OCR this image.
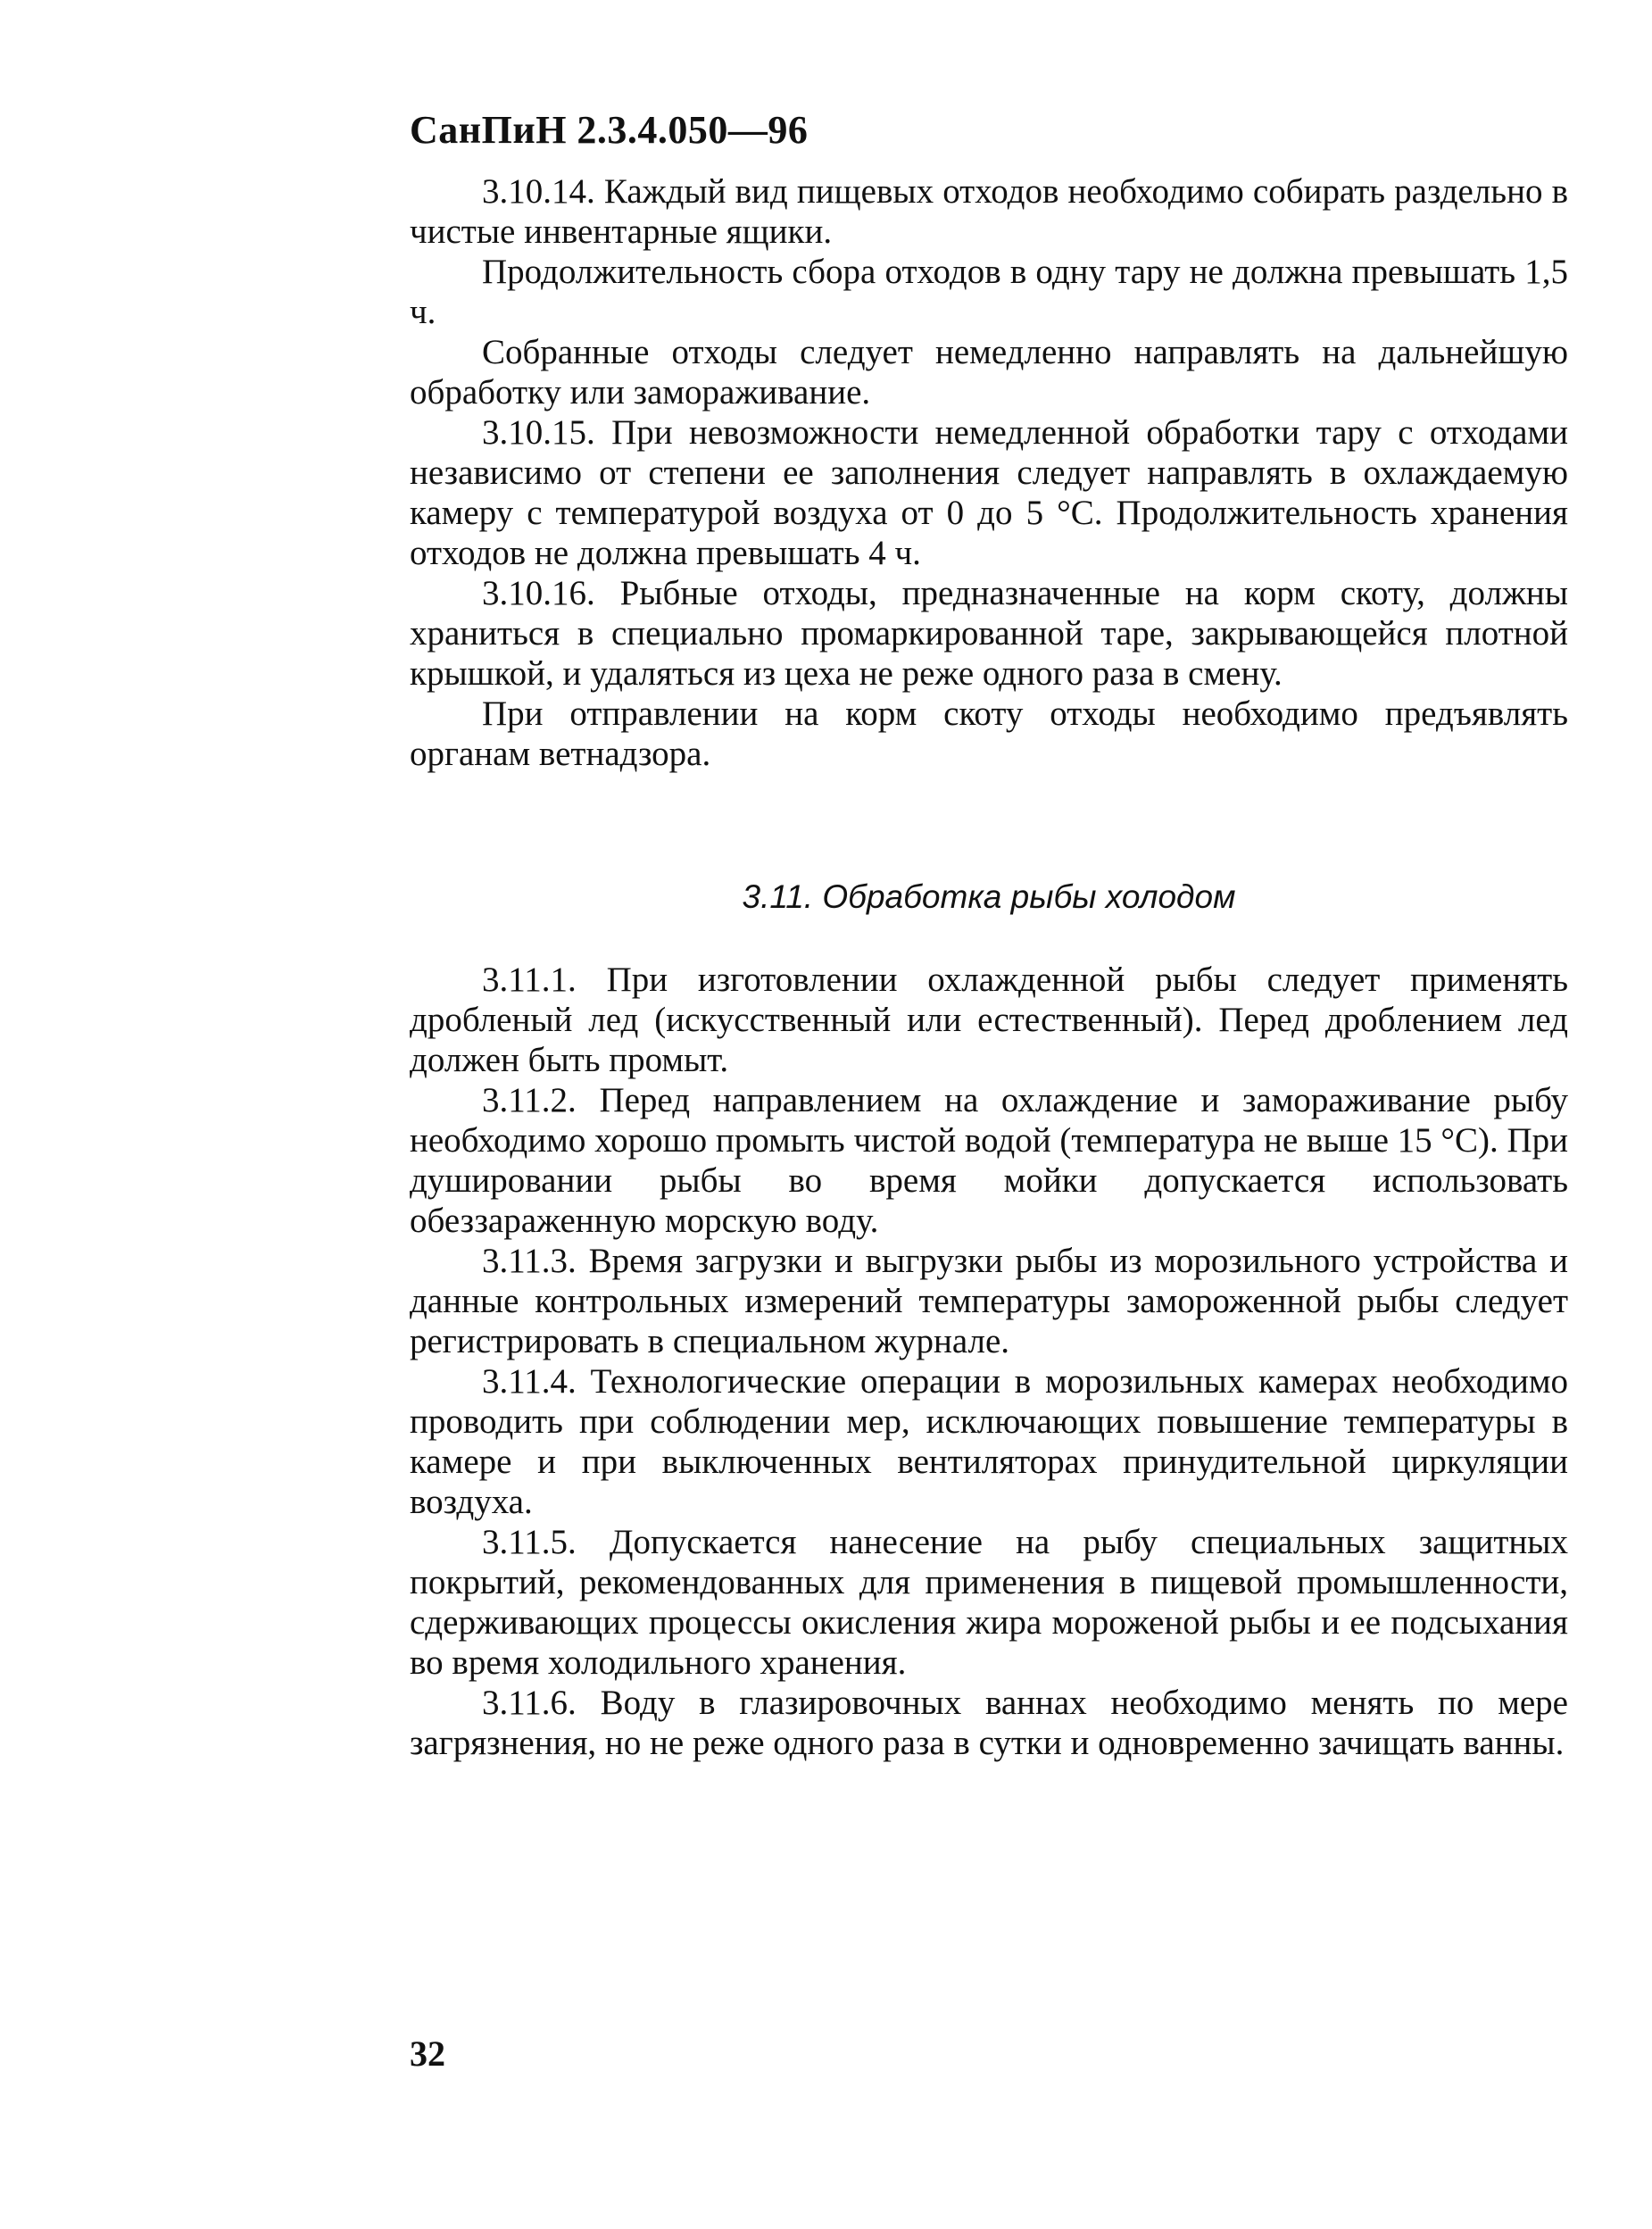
СанПиН 2.3.4.050—96

3.10.14. Каждый вид пищевых отходов необходимо собирать раздельно в чистые инвентарные ящики.

Продолжительность сбора отходов в одну тару не должна превышать 1,5 ч.

Собранные отходы следует немедленно направлять на дальнейшую обработку или замораживание.

3.10.15. При невозможности немедленной обработки тару с отходами независимо от степени ее заполнения следует направлять в охлаждаемую камеру с температурой воздуха от 0 до 5 °С. Продолжительность хранения отходов не должна превышать 4 ч.

3.10.16. Рыбные отходы, предназначенные на корм скоту, должны храниться в специально промаркированной таре, закрывающейся плотной крышкой, и удаляться из цеха не реже одного раза в смену.

При отправлении на корм скоту отходы необходимо предъявлять органам ветнадзора.

3.11. Обработка рыбы холодом

3.11.1. При изготовлении охлажденной рыбы следует применять дробленый лед (искусственный или естественный). Перед дроблением лед должен быть промыт.

3.11.2. Перед направлением на охлаждение и замораживание рыбу необходимо хорошо промыть чистой водой (температура не выше 15 °С). При душировании рыбы во время мойки допускается использовать обеззараженную морскую воду.

3.11.3. Время загрузки и выгрузки рыбы из морозильного устройства и данные контрольных измерений температуры замороженной рыбы следует регистрировать в специальном журнале.

3.11.4. Технологические операции в морозильных камерах необходимо проводить при соблюдении мер, исключающих повышение температуры в камере и при выключенных вентиляторах принудительной циркуляции воздуха.

3.11.5. Допускается нанесение на рыбу специальных защитных покрытий, рекомендованных для применения в пищевой промышленности, сдерживающих процессы окисления жира мороженой рыбы и ее подсыхания во время холодильного хранения.

3.11.6. Воду в глазировочных ваннах необходимо менять по мере загрязнения, но не реже одного раза в сутки и одновременно зачищать ванны.

32
